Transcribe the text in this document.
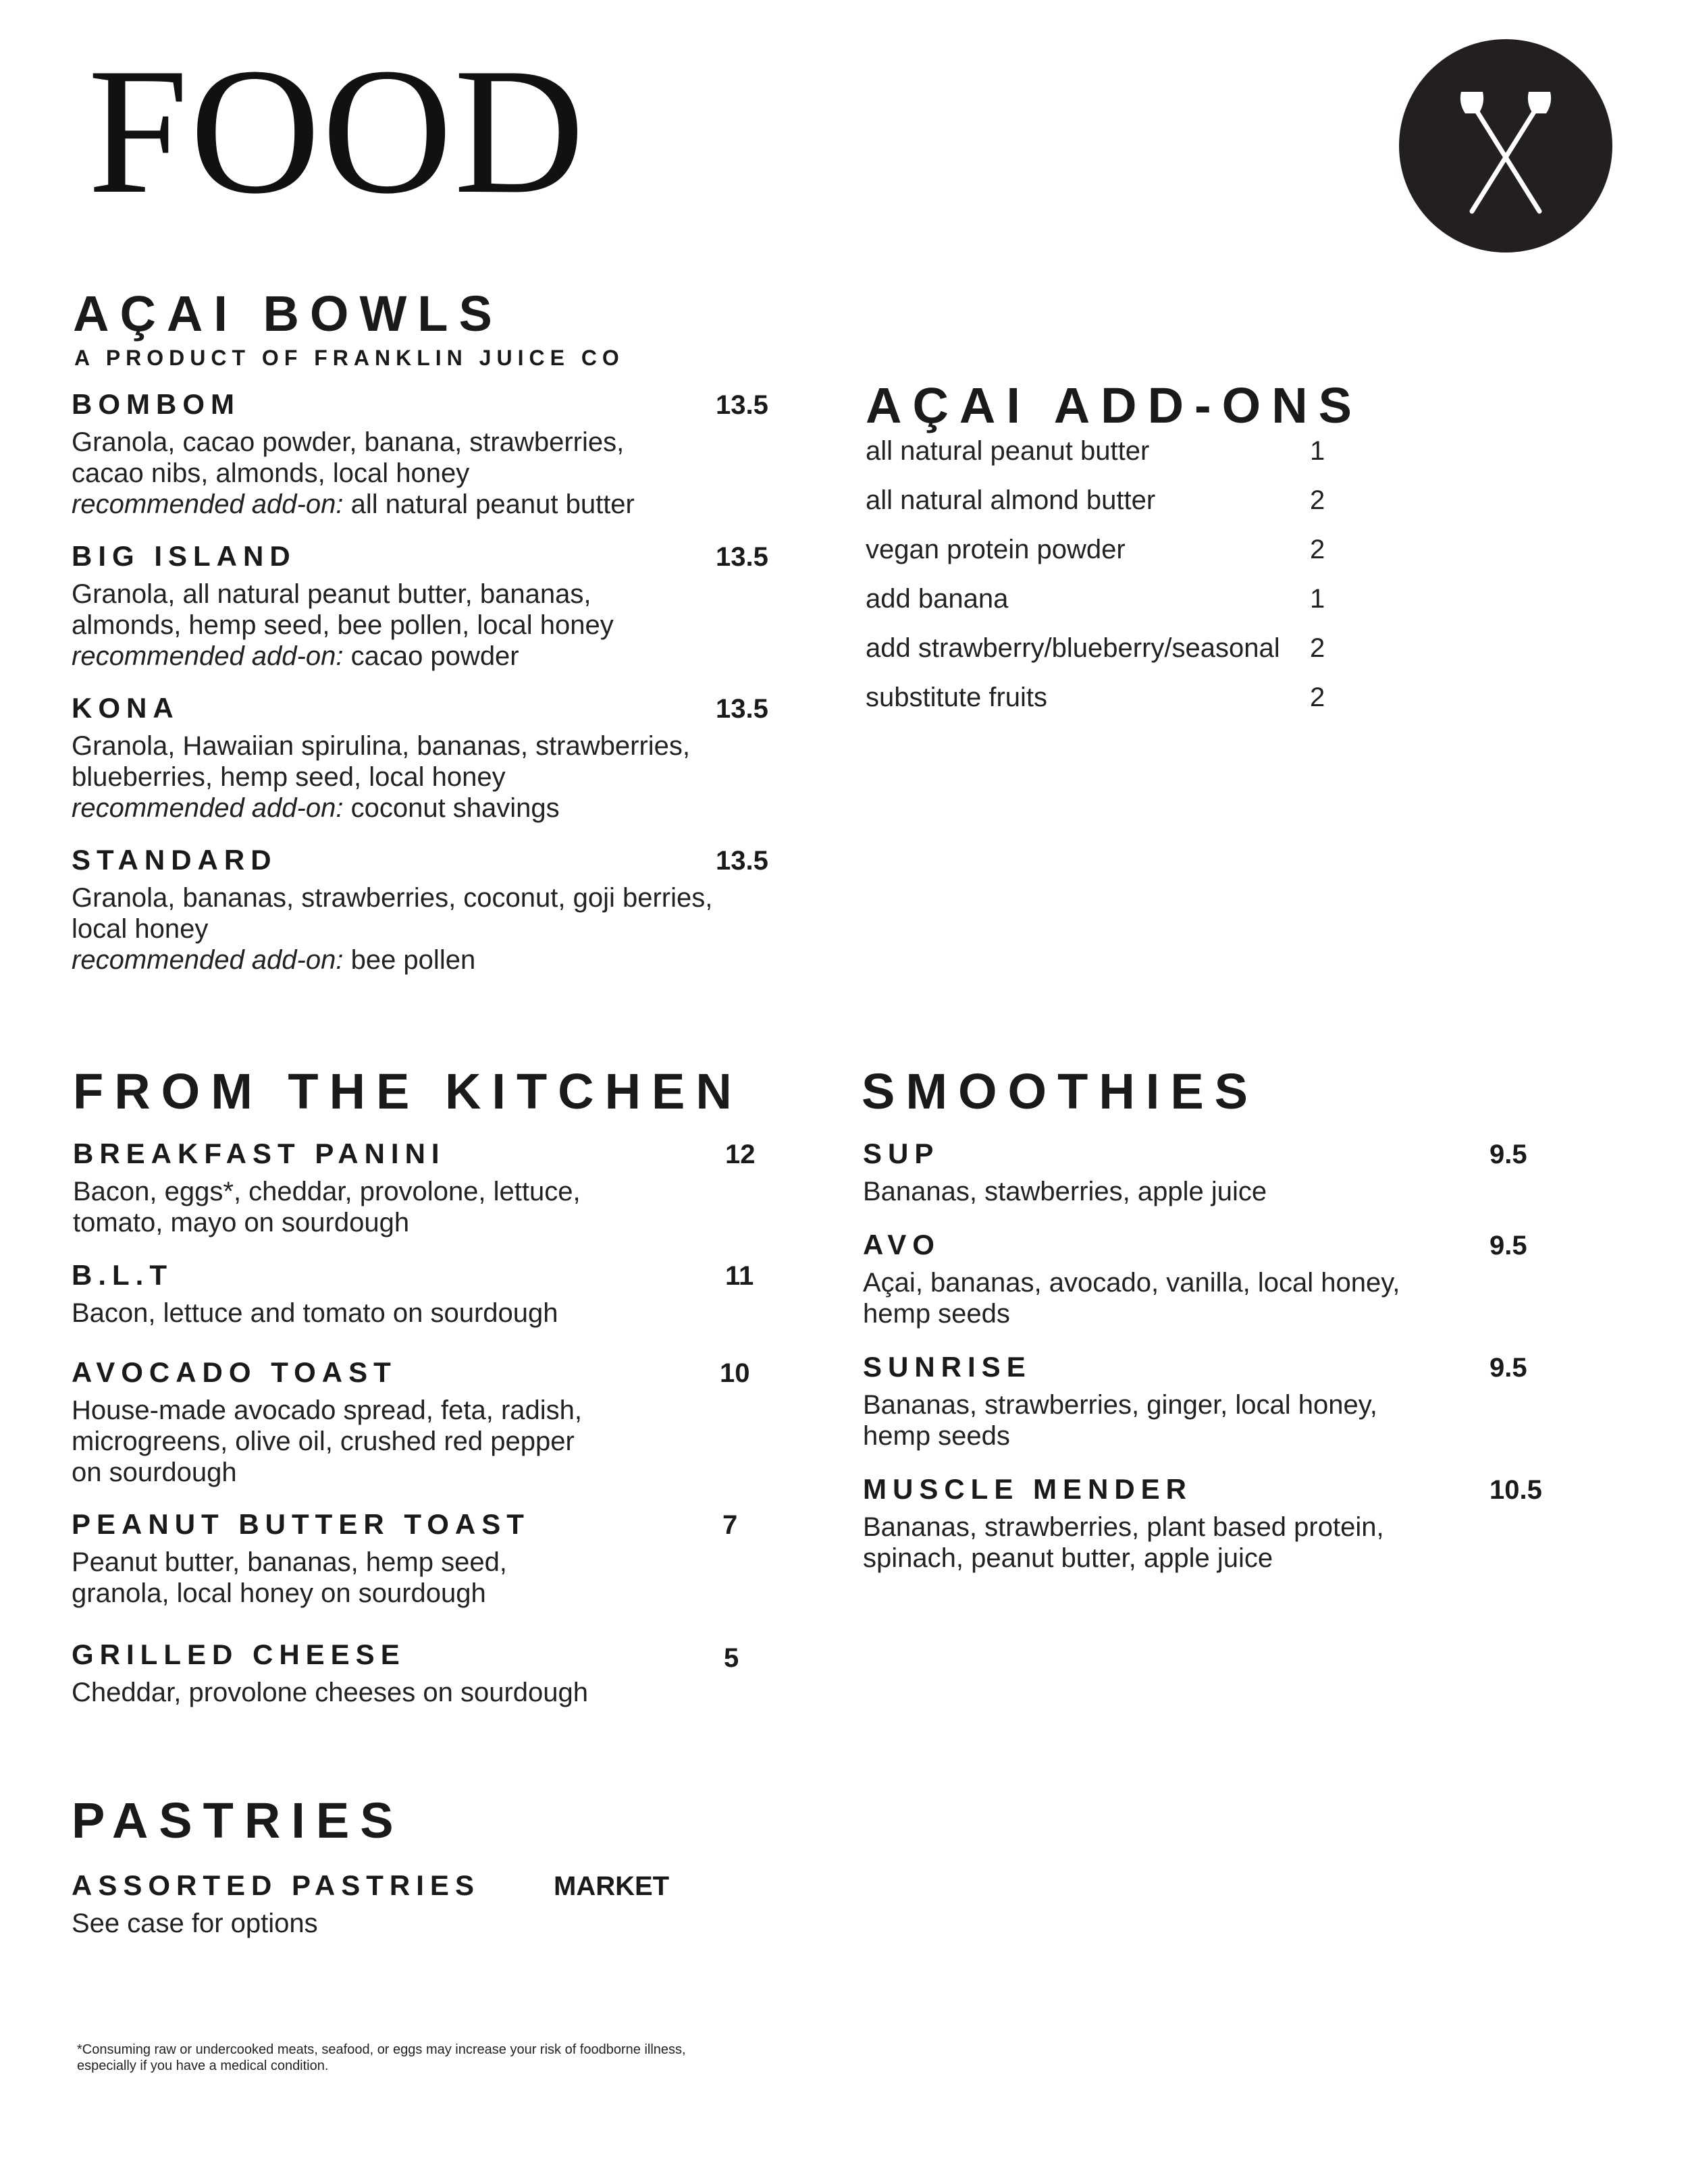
FOOD
AÇAI BOWLS
A PRODUCT OF FRANKLIN JUICE CO
BOMBOM	13.5
Granola, cacao powder, banana, strawberries,
cacao nibs, almonds, local honey
recommended add-on: all natural peanut butter
BIG ISLAND	13.5
Granola, all natural peanut butter, bananas,
almonds, hemp seed, bee pollen, local honey
recommended add-on: cacao powder
KONA	13.5
Granola, Hawaiian spirulina, bananas, strawberries,
blueberries, hemp seed, local honey
recommended add-on: coconut shavings
STANDARD	13.5
Granola, bananas, strawberries, coconut, goji berries,
local honey
recommended add-on: bee pollen
AÇAI ADD-ONS
all natural peanut butter	1
all natural almond butter	2
vegan protein powder	2
add banana	1
add strawberry/blueberry/seasonal 2
substitute fruits	2
FROM THE KITCHEN
BREAKFAST PANINI	12
Bacon, eggs*, cheddar, provolone, lettuce,
tomato, mayo on sourdough
B.L.T	11
Bacon, lettuce and tomato on sourdough
AVOCADO TOAST	10
House-made avocado spread, feta, radish,
microgreens, olive oil, crushed red pepper
on sourdough
PEANUT BUTTER TOAST	7
Peanut butter, bananas, hemp seed,
granola, local honey on sourdough
GRILLED CHEESE	5
Cheddar, provolone cheeses on sourdough
SMOOTHIES
SUP	9.5
Bananas, stawberries, apple juice
AVO	9.5
Açai, bananas, avocado, vanilla, local honey,
hemp seeds
SUNRISE	9.5
Bananas, strawberries, ginger, local honey,
hemp seeds
MUSCLE MENDER	10.5
Bananas, strawberries, plant based protein,
spinach, peanut butter, apple juice
PASTRIES
ASSORTED PASTRIES	MARKET
See case for options
*Consuming raw or undercooked meats, seafood, or eggs may increase your risk of foodborne illness,
especially if you have a medical condition.
